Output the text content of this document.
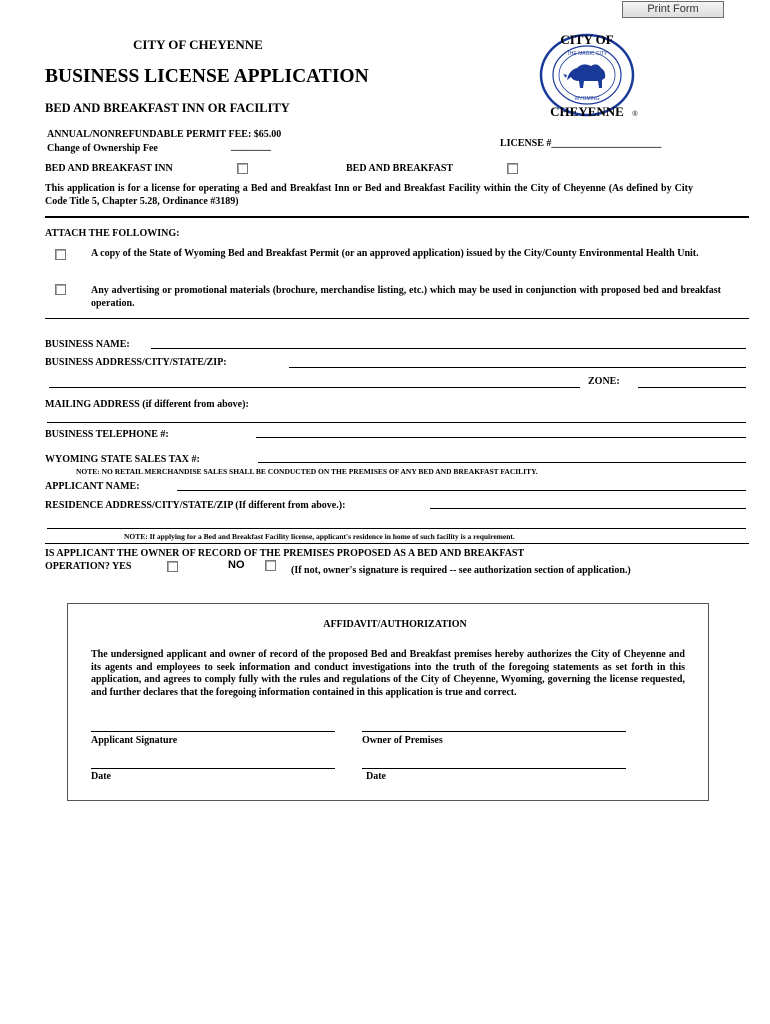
Print Form
CITY OF CHEYENNE
BUSINESS LICENSE APPLICATION
BED AND BREAKFAST INN OR FACILITY
CITY OF
CHEYENNE
THE MAGIC CITY
WYOMING
®
ANNUAL/NONREFUNDABLE PERMIT FEE: $65.00
Change of Ownership Fee	________	LICENSE #______________________
BED AND BREAKFAST INN	BED AND BREAKFAST
This application is for a license for operating a Bed and Breakfast Inn or Bed and Breakfast Facility within the City of Cheyenne (As defined by City Code Title 5, Chapter 5.28, Ordinance #3189)
ATTACH THE FOLLOWING:
A copy of the State of Wyoming Bed and Breakfast Permit (or an approved application) issued by the City/County Environmental Health Unit.
Any advertising or promotional materials (brochure, merchandise listing, etc.) which may be used in conjunction with proposed bed and breakfast operation.
BUSINESS NAME:
BUSINESS ADDRESS/CITY/STATE/ZIP:
ZONE:
MAILING ADDRESS (if different from above):
BUSINESS TELEPHONE #:
WYOMING STATE SALES TAX #:
NOTE: NO RETAIL MERCHANDISE SALES SHALL BE CONDUCTED ON THE PREMISES OF ANY BED AND BREAKFAST FACILITY.
APPLICANT NAME:
RESIDENCE ADDRESS/CITY/STATE/ZIP (If different from above.):
NOTE: If applying for a Bed and Breakfast Facility license, applicant's residence in home of such facility is a requirement.
IS APPLICANT THE OWNER OF RECORD OF THE PREMISES PROPOSED AS A BED AND BREAKFAST
OPERATION? YES	NO	(If not, owner's signature is required -- see authorization section of application.)
AFFIDAVIT/AUTHORIZATION
The undersigned applicant and owner of record of the proposed Bed and Breakfast premises hereby authorizes the City of Cheyenne and its agents and employees to seek information and conduct investigations into the truth of the foregoing statements as set forth in this application, and agrees to comply fully with the rules and regulations of the City of Cheyenne, Wyoming, governing the license requested, and further declares that the foregoing information contained in this application is true and correct.
Applicant Signature	Owner of Premises
Date	Date
